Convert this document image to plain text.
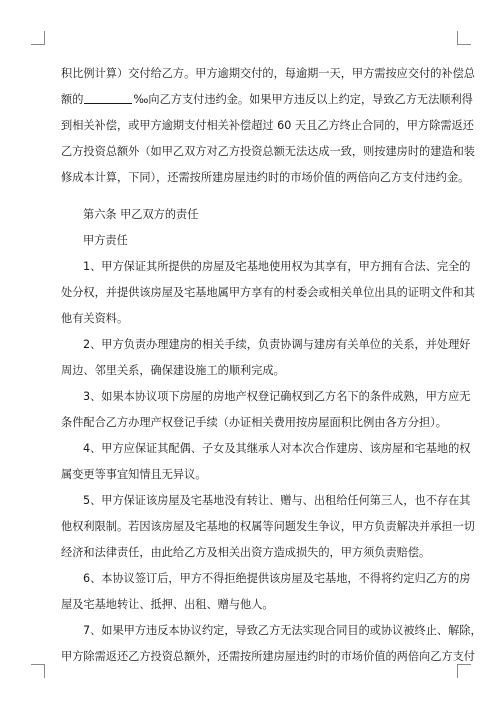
积比例计算）交付给乙方。甲方逾期交付的，每逾期一天，甲方需按应交付的补偿总
额的	‰向乙方支付违约金。如果甲方违反以上约定，导致乙方无法顺利得
到相关补偿，或甲方逾期支付相关补偿超过 60 天且乙方终止合同的，甲方除需返还
乙方投资总额外（如甲乙双方对乙方投资总额无法达成一致，则按建房时的建造和装
修成本计算，下同），还需按所建房屋违约时的市场价值的两倍向乙方支付违约金。
第六条 甲乙双方的责任
甲方责任
1、甲方保证其所提供的房屋及宅基地使用权为其享有，甲方拥有合法、完全的
处分权，并提供该房屋及宅基地属甲方享有的村委会或相关单位出具的证明文件和其
他有关资料。
2、甲方负责办理建房的相关手续，负责协调与建房有关单位的关系，并处理好
周边、邻里关系，确保建设施工的顺利完成。
3、如果本协议项下房屋的房地产权登记确权到乙方名下的条件成熟，甲方应无
条件配合乙方办理产权登记手续（办证相关费用按房屋面积比例由各方分担）。
4、甲方应保证其配偶、子女及其继承人对本次合作建房、该房屋和宅基地的权
属变更等事宜知情且无异议。
5、甲方保证该房屋及宅基地没有转让、赠与、出租给任何第三人，也不存在其
他权利限制。若因该房屋及宅基地的权属等问题发生争议，甲方负责解决并承担一切
经济和法律责任，由此给乙方及相关出资方造成损失的，甲方须负责赔偿。
6、本协议签订后，甲方不得拒绝提供该房屋及宅基地，不得将约定归乙方的房
屋及宅基地转让、抵押、出租、赠与他人。
7、如果甲方违反本协议约定，导致乙方无法实现合同目的或协议被终止、解除，
甲方除需返还乙方投资总额外，还需按所建房屋违约时的市场价值的两倍向乙方支付
